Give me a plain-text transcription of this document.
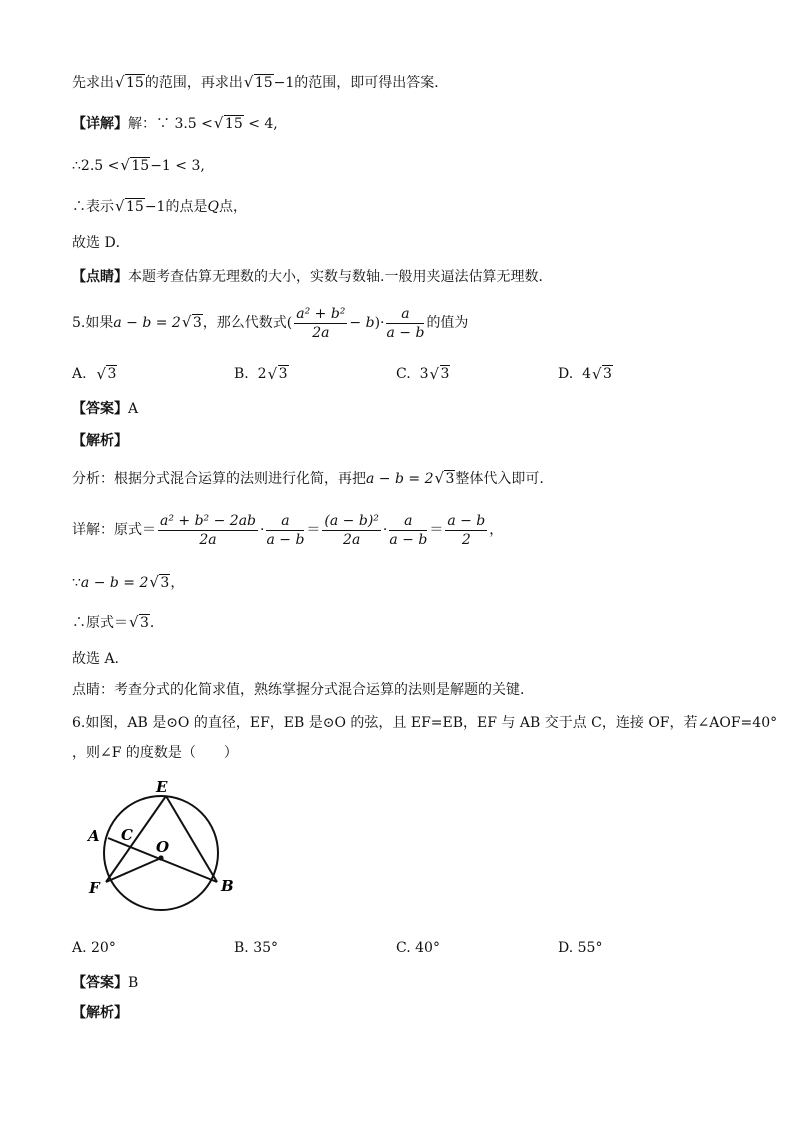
先求出 √ 15的范围，再求出 √ 15−1的范围，即可得出答案．
【详解】解：∵ 3.5 < √ 15 < 4,
∴2.5 < √ 15−1 < 3,
∴表示 √ 15−1的点是Q点，
故选 D．
【点睛】本题考查估算无理数的大小，实数与数轴.一般用夹逼法估算无理数．
5.如果a − b = 2 √ 3，那么代数式( $\frac{\text{a² + b²}}{2a} - b)\cdot \frac{a}{a - b}$ 的值为
A. √ 3	B. 2 √ 3	C. 3 √ 3	D. 4 √ 3
【答案】A
【解析】
分析：根据分式混合运算的法则进行化简，再把a − b = 2 √ 3整体代入即可.
详解：原式＝ $\frac{\text{a² + b² − 2ab}}{2a} \cdot \frac{a}{a - b} = \frac{\text{(a − b)²}}{2a} \cdot \frac{a}{a - b} = \frac{a - b}{2}$ ，
∵a − b = 2 √ 3，
∴原式＝ √ 3．
故选 A.
点睛：考查分式的化简求值，熟练掌握分式混合运算的法则是解题的关键.
6.如图，AB 是⊙O 的直径，EF，EB 是⊙O 的弦，且 EF=EB，EF 与 AB 交于点 C，连接 OF，若∠AOF=40°
，则∠F 的度数是（　　）
E
A C
O
F	B
A. 20°	B. 35°	C. 40°	D. 55°
【答案】B
【解析】
